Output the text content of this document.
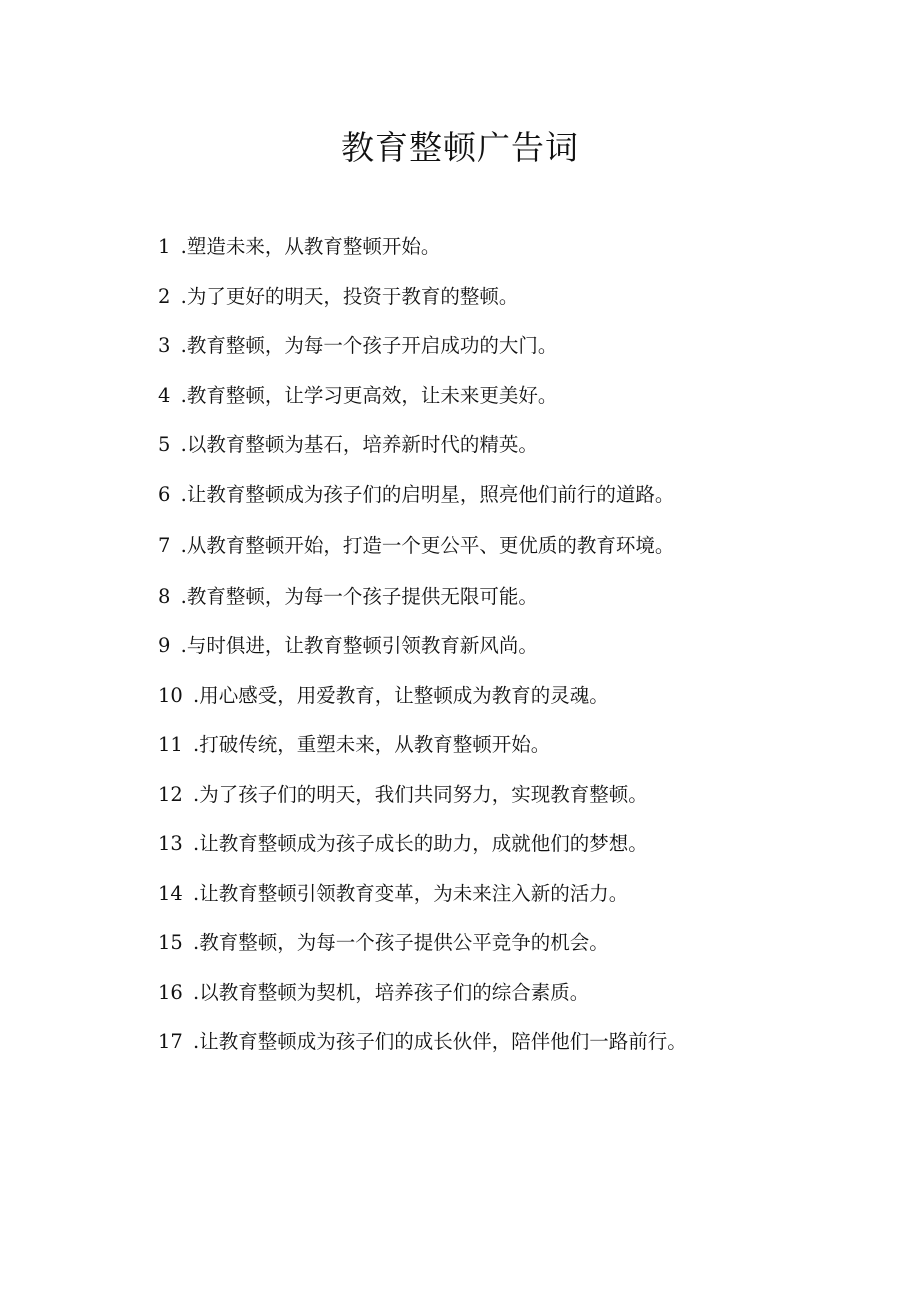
教育整顿广告词
1 .塑造未来，从教育整顿开始。
2 .为了更好的明天，投资于教育的整顿。
3 .教育整顿，为每一个孩子开启成功的大门。
4 .教育整顿，让学习更高效，让未来更美好。
5 .以教育整顿为基石，培养新时代的精英。
6 .让教育整顿成为孩子们的启明星，照亮他们前行的道路。
7 .从教育整顿开始，打造一个更公平、更优质的教育环境。
8 .教育整顿，为每一个孩子提供无限可能。
9 .与时俱进，让教育整顿引领教育新风尚。
10 .用心感受，用爱教育，让整顿成为教育的灵魂。
11 .打破传统，重塑未来，从教育整顿开始。
12 .为了孩子们的明天，我们共同努力，实现教育整顿。
13 .让教育整顿成为孩子成长的助力，成就他们的梦想。
14 .让教育整顿引领教育变革，为未来注入新的活力。
15 .教育整顿，为每一个孩子提供公平竞争的机会。
16 .以教育整顿为契机，培养孩子们的综合素质。
17 .让教育整顿成为孩子们的成长伙伴，陪伴他们一路前行。
